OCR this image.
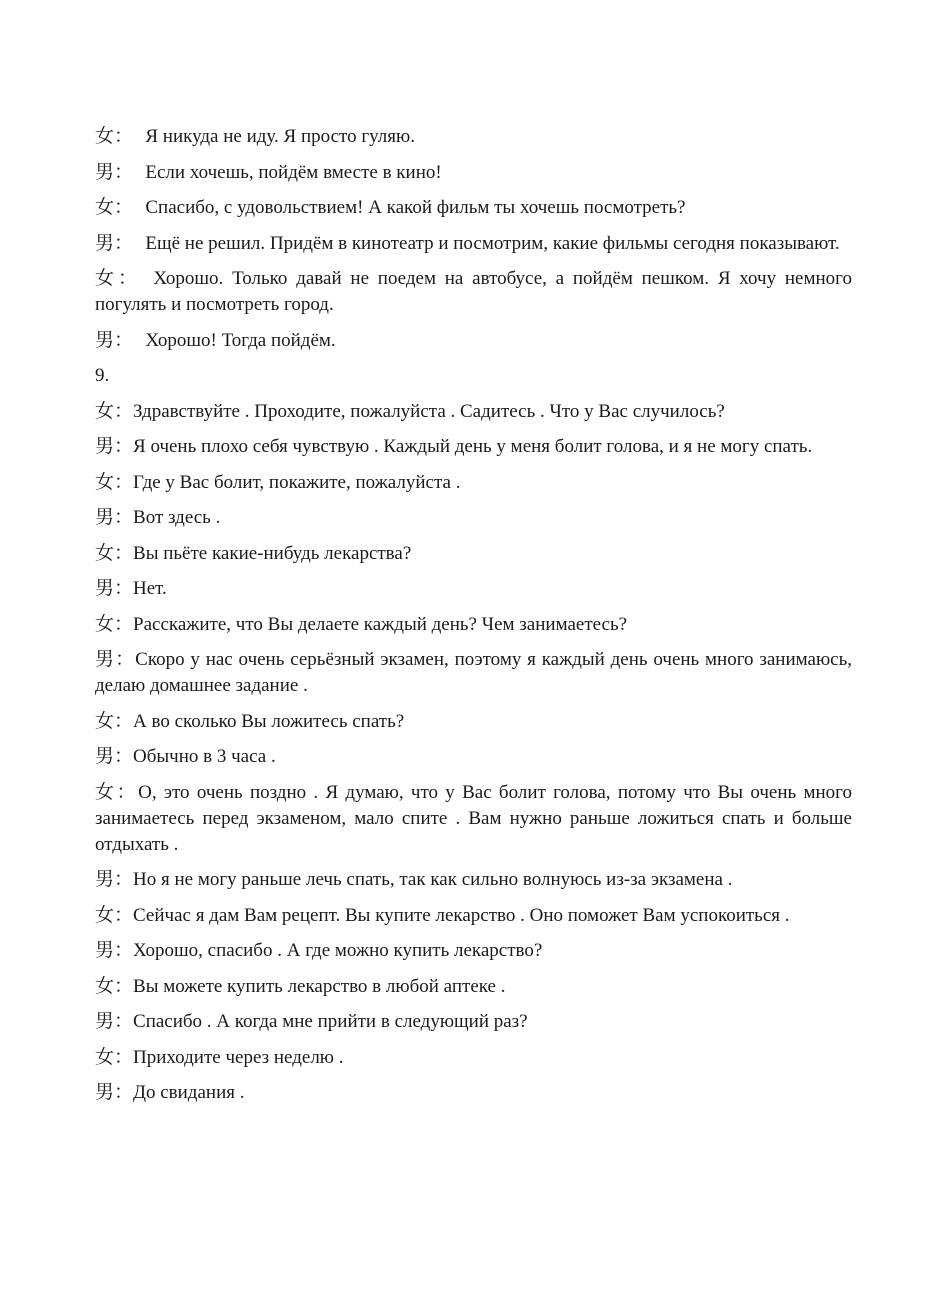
女： Я никуда не иду. Я просто гуляю.

男： Если хочешь, пойдём вместе в кино!

女： Спасибо, с удовольствием! А какой фильм ты хочешь посмотреть?

男： Ещё не решил. Придём в кинотеатр и посмотрим, какие фильмы сегодня показывают.

女： Хорошо. Только давай не поедем на автобусе, а пойдём пешком. Я хочу немного погулять и посмотреть город.

男： Хорошо! Тогда пойдём.

9.

女：Здравствуйте . Проходите, пожалуйста . Садитесь . Что у Вас случилось?

男：Я очень плохо себя чувствую . Каждый день у меня болит голова, и я не могу спать.

女：Где у Вас болит, покажите, пожалуйста .

男：Вот здесь .

女：Вы пьёте какие-нибудь лекарства?

男：Нет.

女：Расскажите, что Вы делаете каждый день? Чем занимаетесь?

男：Скоро у нас очень серьёзный экзамен, поэтому я каждый день очень много занимаюсь, делаю домашнее задание .

女：А во сколько Вы ложитесь спать?

男：Обычно в 3 часа .

女：О, это очень поздно . Я думаю, что у Вас болит голова, потому что Вы очень много занимаетесь перед экзаменом, мало спите . Вам нужно раньше ложиться спать и больше отдыхать .

男：Но я не могу раньше лечь спать, так как сильно волнуюсь из-за экзамена .

女：Сейчас я дам Вам рецепт. Вы купите лекарство . Оно поможет Вам успокоиться .

男：Хорошо, спасибо . А где можно купить лекарство?

女：Вы можете купить лекарство в любой аптеке .

男：Спасибо . А когда мне прийти в следующий раз?

女：Приходите через неделю .

男：До свидания .
